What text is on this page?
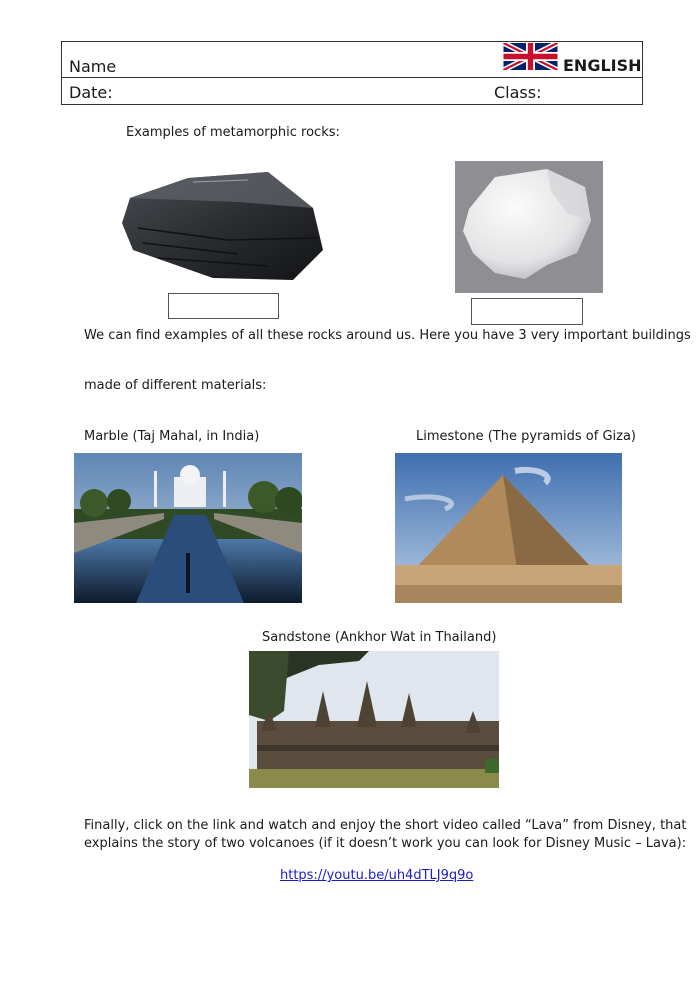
Name
Date:	Class:
ENGLISH
Examples of metamorphic rocks:
We can find examples of all these rocks around us. Here you have 3 very important buildings
made of different materials:
Marble (Taj Mahal, in India)	Limestone (The pyramids of Giza)
Sandstone (Ankhor Wat in Thailand)
Finally, click on the link and watch and enjoy the short video called “Lava” from Disney, that
explains the story of two volcanoes (if it doesn’t work you can look for Disney Music – Lava):
https://youtu.be/uh4dTLJ9q9o
